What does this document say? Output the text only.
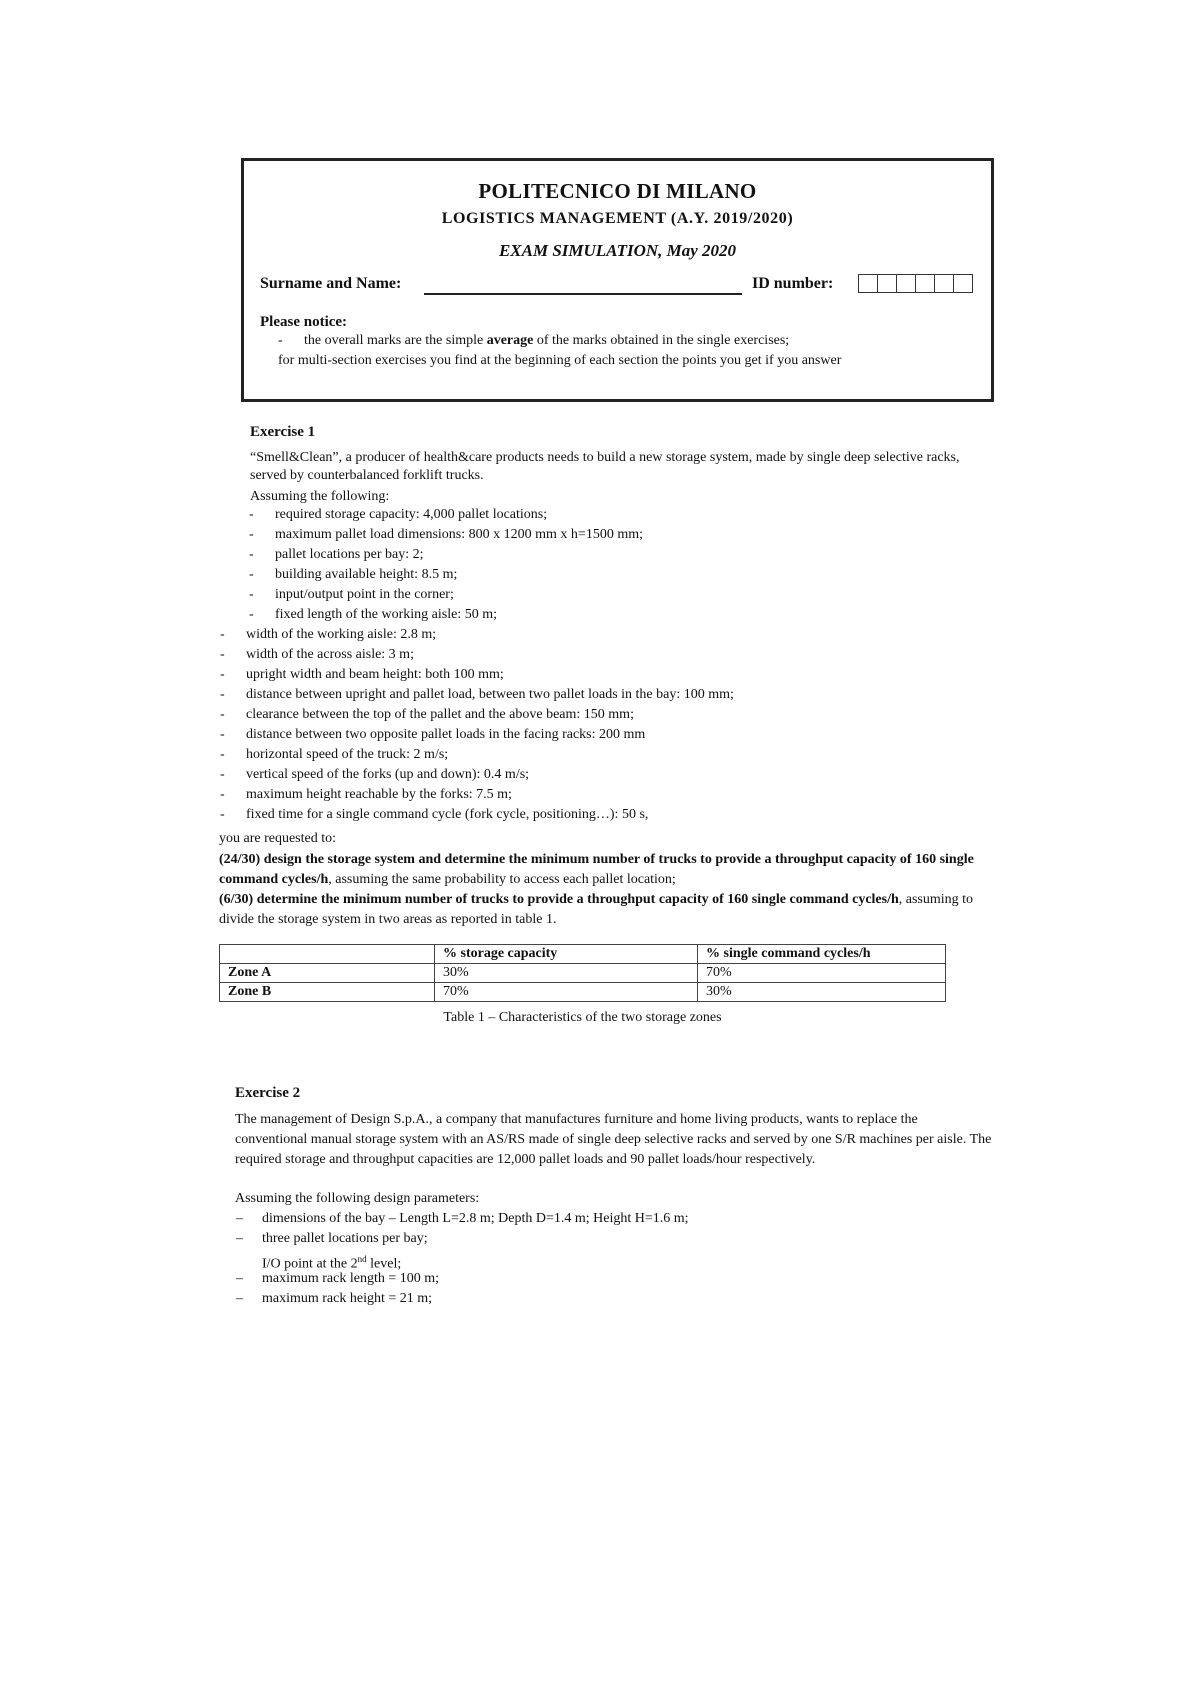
POLITECNICO DI MILANO
LOGISTICS MANAGEMENT (A.Y. 2019/2020)
EXAM SIMULATION, May 2020
Surname and Name:	ID number:
Please notice:
- the overall marks are the simple average of the marks obtained in the single exercises;
for multi-section exercises you find at the beginning of each section the points you get if you answer
Exercise 1
“Smell&Clean”, a producer of health&care products needs to build a new storage system, made by single deep selective racks, served by counterbalanced forklift trucks.
Assuming the following:
- required storage capacity: 4,000 pallet locations;
- maximum pallet load dimensions: 800 x 1200 mm x h=1500 mm;
- pallet locations per bay: 2;
- building available height: 8.5 m;
- input/output point in the corner;
- fixed length of the working aisle: 50 m;
- width of the working aisle: 2.8 m;
- width of the across aisle: 3 m;
- upright width and beam height: both 100 mm;
- distance between upright and pallet load, between two pallet loads in the bay: 100 mm;
- clearance between the top of the pallet and the above beam: 150 mm;
- distance between two opposite pallet loads in the facing racks: 200 mm
- horizontal speed of the truck: 2 m/s;
- vertical speed of the forks (up and down): 0.4 m/s;
- maximum height reachable by the forks: 7.5 m;
- fixed time for a single command cycle (fork cycle, positioning…): 50 s,
you are requested to:
(24/30) design the storage system and determine the minimum number of trucks to provide a throughput capacity of 160 single command cycles/h, assuming the same probability to access each pallet location;
(6/30) determine the minimum number of trucks to provide a throughput capacity of 160 single command cycles/h, assuming to divide the storage system in two areas as reported in table 1.
	% storage capacity	% single command cycles/h
Zone A	30%	70%
Zone B	70%	30%
Table 1 – Characteristics of the two storage zones
Exercise 2
The management of Design S.p.A., a company that manufactures furniture and home living products, wants to replace the conventional manual storage system with an AS/RS made of single deep selective racks and served by one S/R machines per aisle. The required storage and throughput capacities are 12,000 pallet loads and 90 pallet loads/hour respectively.
Assuming the following design parameters:
– dimensions of the bay – Length L=2.8 m; Depth D=1.4 m; Height H=1.6 m;
– three pallet locations per bay;
I/O point at the 2nd level;
– maximum rack length = 100 m;
– maximum rack height = 21 m;
